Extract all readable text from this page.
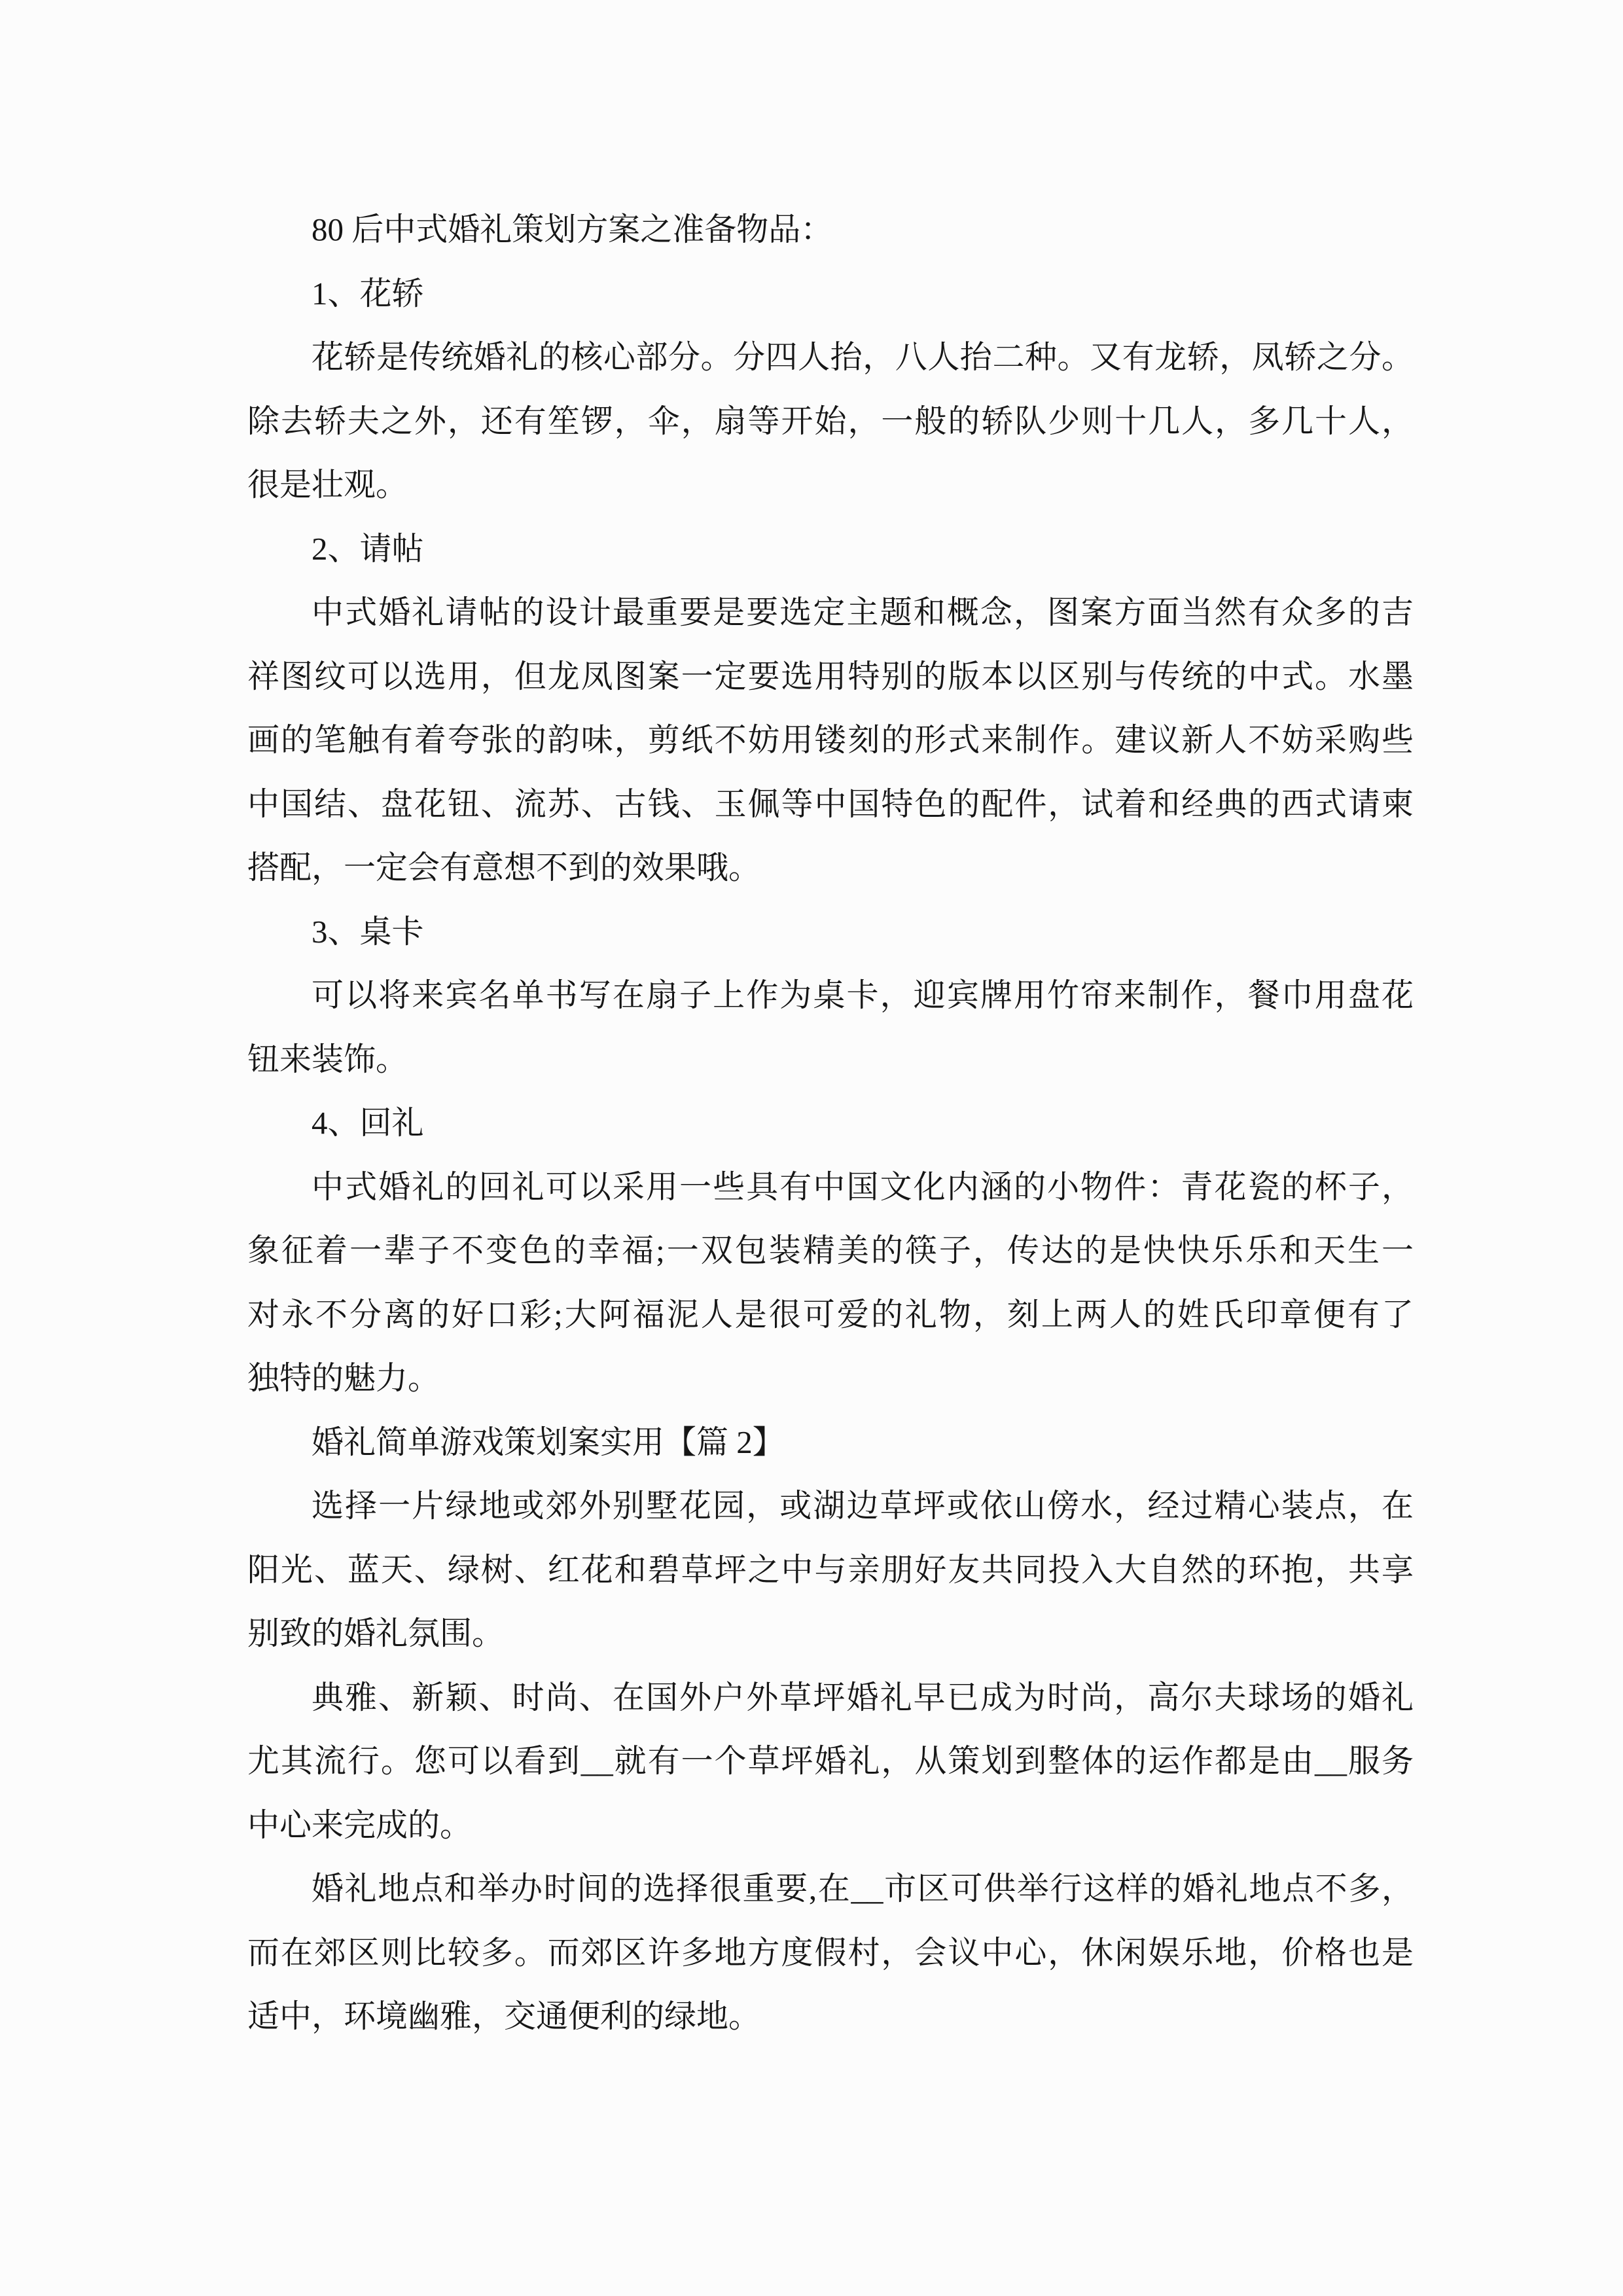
80 后中式婚礼策划方案之准备物品：
1、花轿
花轿是传统婚礼的核心部分。分四人抬，八人抬二种。又有龙轿，凤轿之分。
除去轿夫之外，还有笙锣，伞，扇等开始，一般的轿队少则十几人，多几十人，
很是壮观。
2、请帖
中式婚礼请帖的设计最重要是要选定主题和概念，图案方面当然有众多的吉
祥图纹可以选用，但龙凤图案一定要选用特别的版本以区别与传统的中式。水墨
画的笔触有着夸张的韵味，剪纸不妨用镂刻的形式来制作。建议新人不妨采购些
中国结、盘花钮、流苏、古钱、玉佩等中国特色的配件，试着和经典的西式请柬
搭配，一定会有意想不到的效果哦。
3、桌卡
可以将来宾名单书写在扇子上作为桌卡，迎宾牌用竹帘来制作，餐巾用盘花
钮来装饰。
4、回礼
中式婚礼的回礼可以采用一些具有中国文化内涵的小物件：青花瓷的杯子，
象征着一辈子不变色的幸福;一双包装精美的筷子，传达的是快快乐乐和天生一
对永不分离的好口彩;大阿福泥人是很可爱的礼物，刻上两人的姓氏印章便有了
独特的魅力。
婚礼简单游戏策划案实用【篇 2】
选择一片绿地或郊外别墅花园，或湖边草坪或依山傍水，经过精心装点，在
阳光、蓝天、绿树、红花和碧草坪之中与亲朋好友共同投入大自然的环抱，共享
别致的婚礼氛围。
典雅、新颖、时尚、在国外户外草坪婚礼早已成为时尚，高尔夫球场的婚礼
尤其流行。您可以看到__就有一个草坪婚礼，从策划到整体的运作都是由__服务
中心来完成的。
婚礼地点和举办时间的选择很重要,在__市区可供举行这样的婚礼地点不多，
而在郊区则比较多。而郊区许多地方度假村，会议中心，休闲娱乐地，价格也是
适中，环境幽雅，交通便利的绿地。
